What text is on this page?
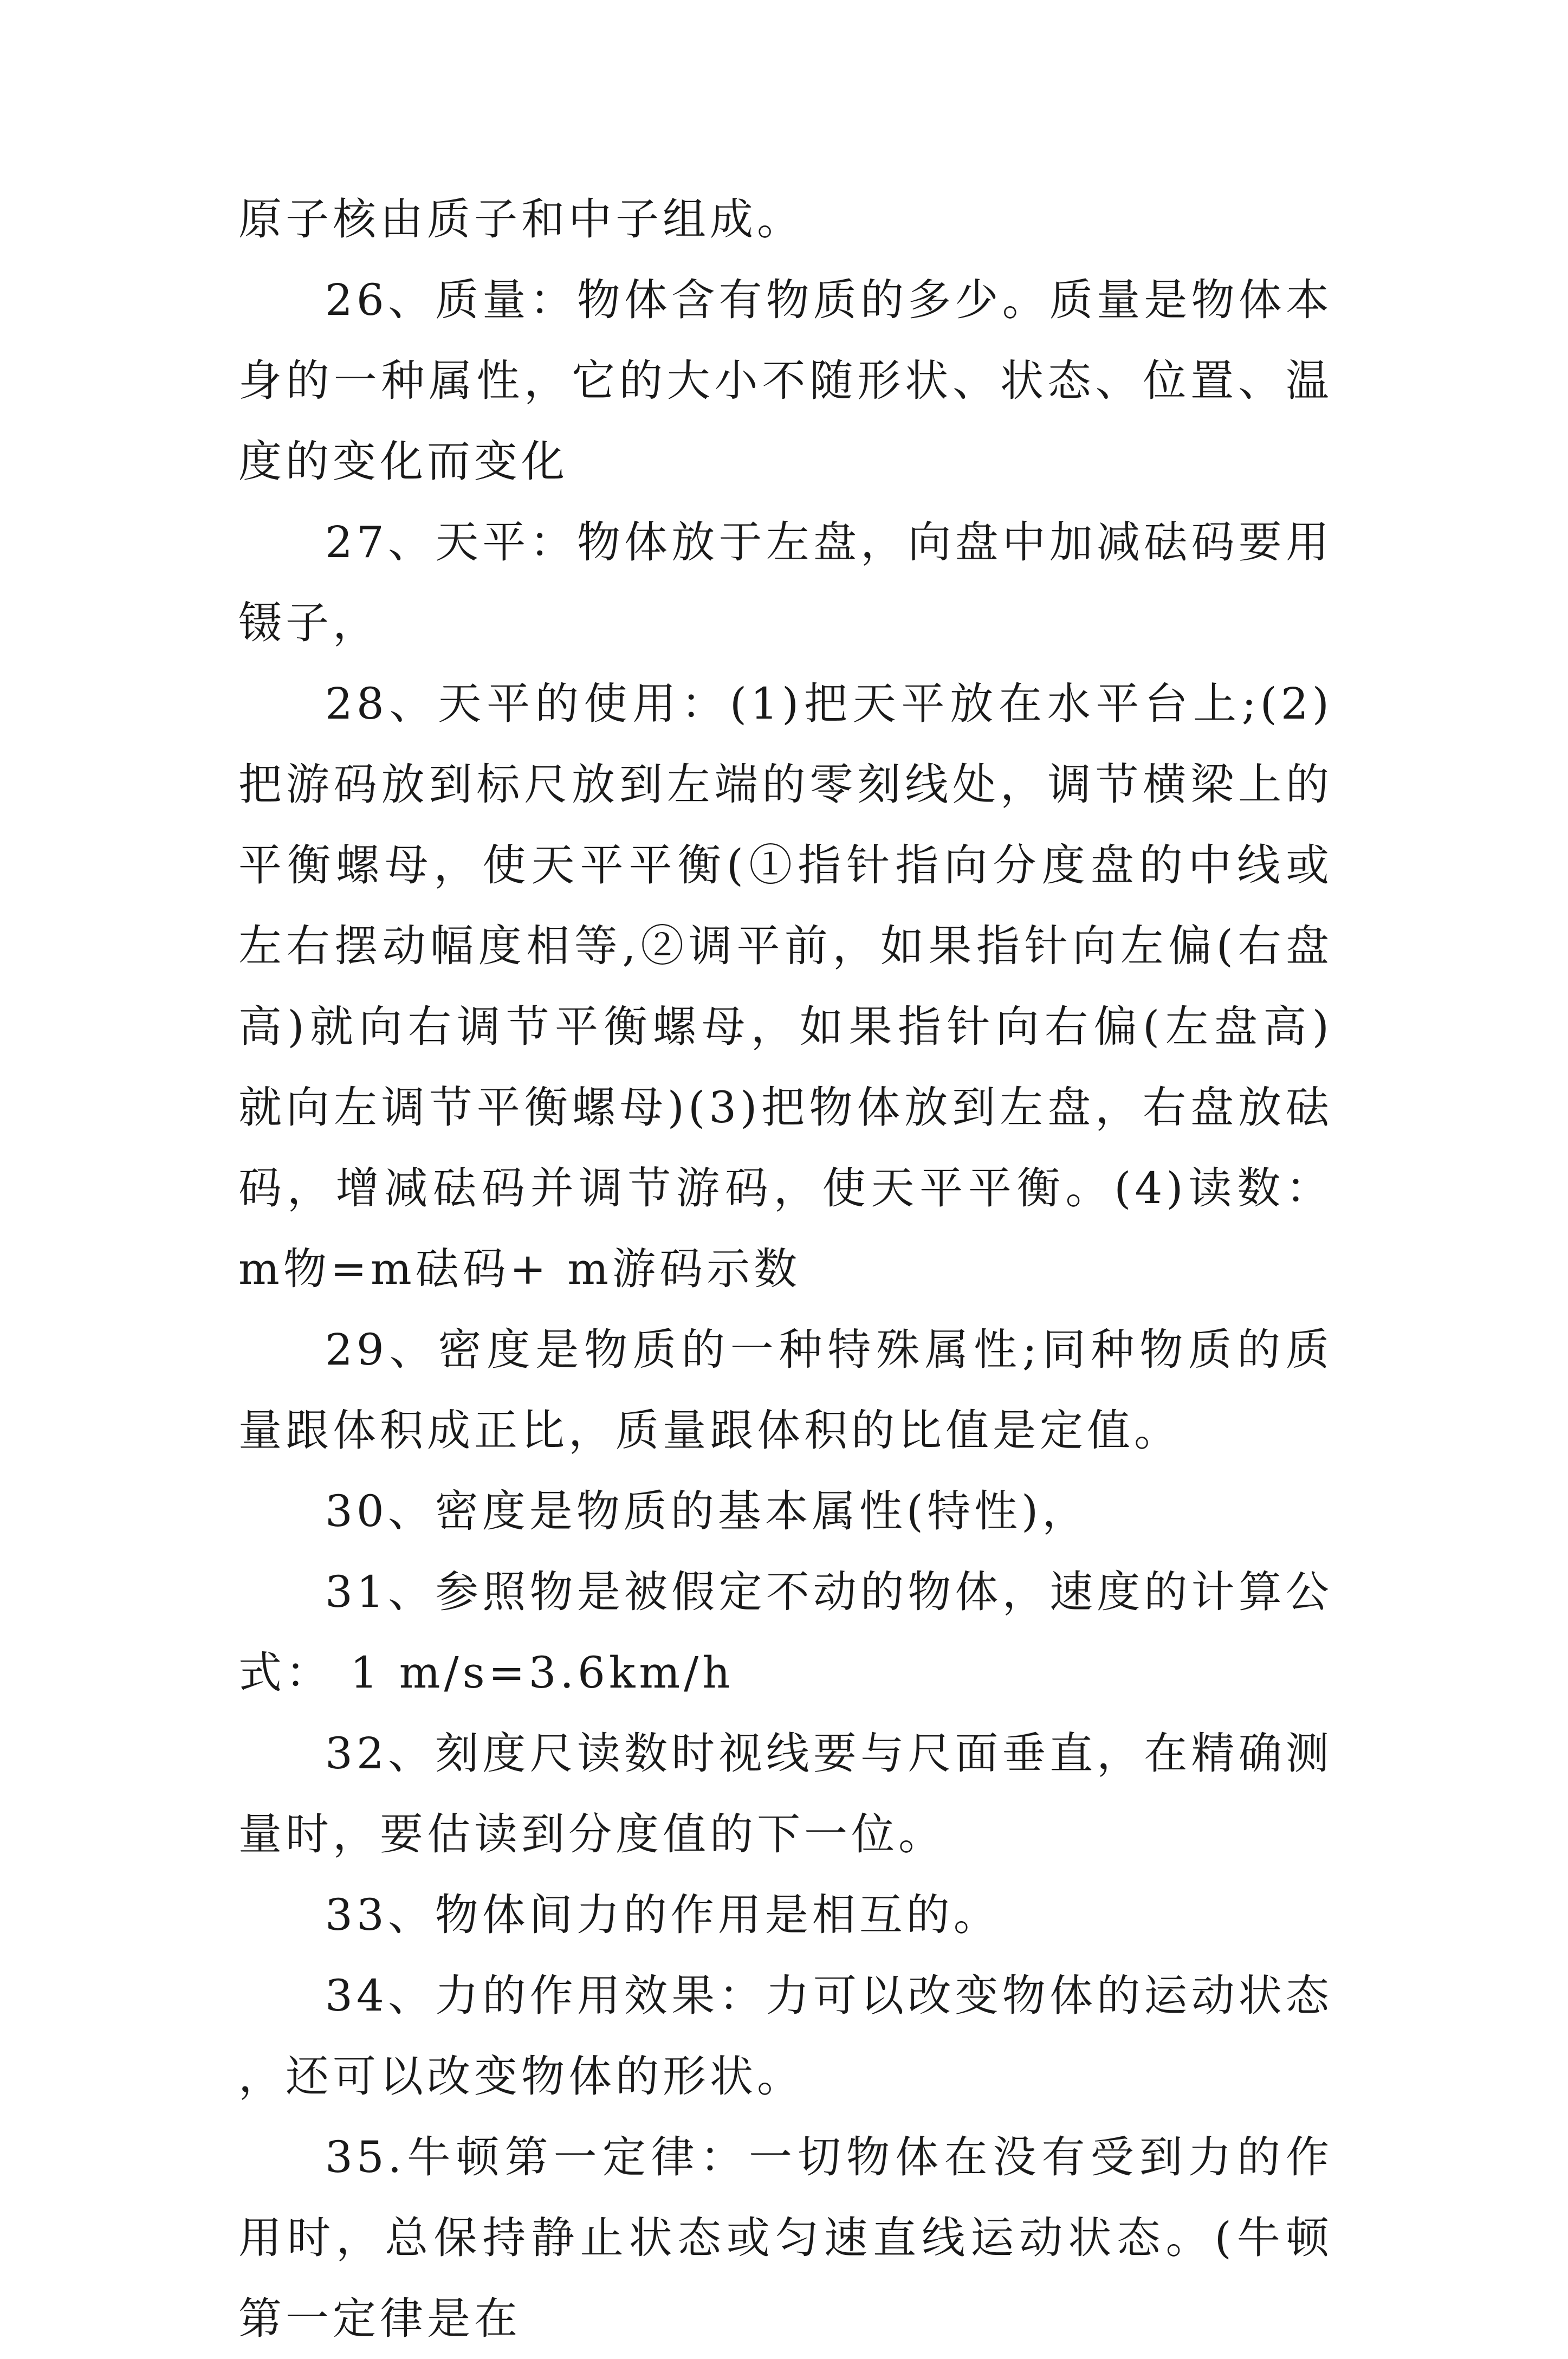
原子核由质子和中子组成。

26、质量：物体含有物质的多少。质量是物体本身的一种属性，它的大小不随形状、状态、位置、温度的变化而变化

27、天平：物体放于左盘，向盘中加减砝码要用镊子，

28、天平的使用：(1)把天平放在水平台上;(2)把游码放到标尺放到左端的零刻线处，调节横梁上的平衡螺母，使天平平衡(①指针指向分度盘的中线或左右摆动幅度相等,②调平前，如果指针向左偏(右盘高)就向右调节平衡螺母，如果指针向右偏(左盘高)就向左调节平衡螺母)(3)把物体放到左盘，右盘放砝码，增减砝码并调节游码，使天平平衡。(4)读数：m物=m砝码+ m游码示数

29、密度是物质的一种特殊属性;同种物质的质量跟体积成正比，质量跟体积的比值是定值。

30、密度是物质的基本属性(特性)，

31、参照物是被假定不动的物体，速度的计算公式： 1 m/s=3.6km/h

32、刻度尺读数时视线要与尺面垂直，在精确测量时，要估读到分度值的下一位。

33、物体间力的作用是相互的。

34、力的作用效果：力可以改变物体的运动状态，还可以改变物体的形状。

35.牛顿第一定律：一切物体在没有受到力的作用时，总保持静止状态或匀速直线运动状态。(牛顿第一定律是在
